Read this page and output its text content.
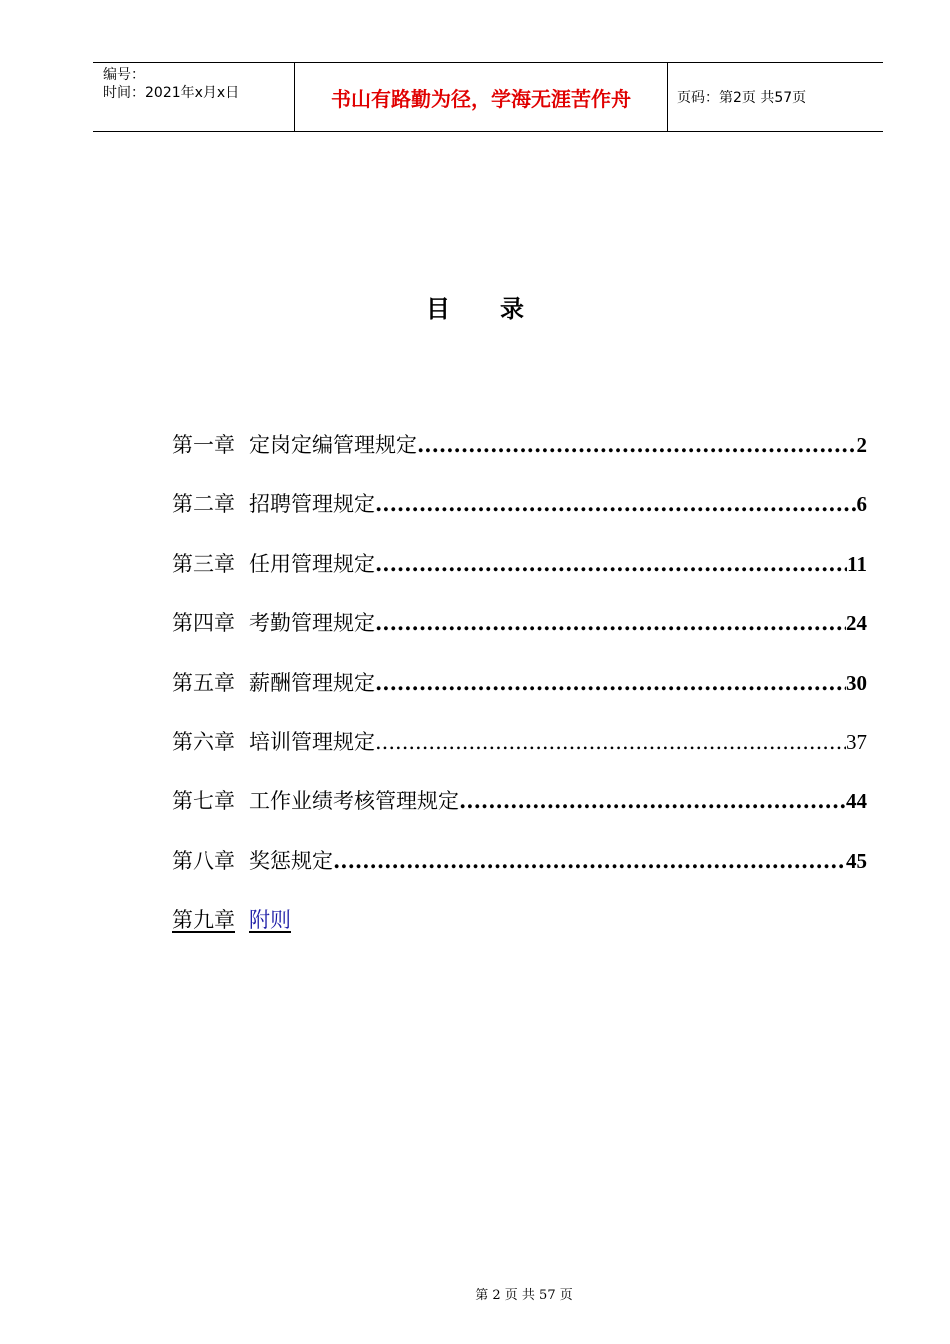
编号：
时间：2021年x月x日	书山有路勤为径，学海无涯苦作舟	页码：第2页 共57页
目录
第一章 定岗定编管理规定 .....	2
第二章 招聘管理规定 .....	6
第三章 任用管理规定 .....	11
第四章 考勤管理规定 .....	24
第五章 薪酬管理规定 .....	30
第六章 培训管理规定 .....	37
第七章 工作业绩考核管理规定 .....	44
第八章 奖惩规定 .....	45
第九章 附则
第 2 页 共 57 页
